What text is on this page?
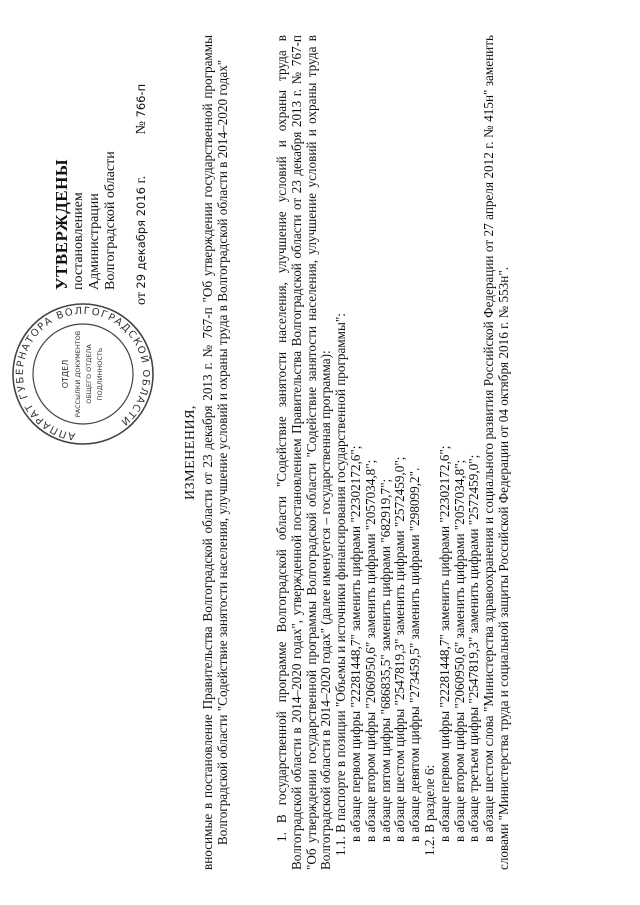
АППАРАТ ГУБЕРНАТОРА ВОЛГОГРАДСКОЙ ОБЛАСТИ
ОТДЕЛ РАССЫЛКИ ДОКУМЕНТОВ ОБЩЕГО ОТДЕЛА ПОДЛИННОСТЬ
УТВЕРЖДЕНЫ постановлением Администрации Волгоградской области
от 29 декабря 2016 г. № 766-п
ИЗМЕНЕНИЯ, вносимые в постановление Правительства Волгоградской области от 23 декабря 2013 г. № 767-п "Об утверждении государственной программы Волгоградской области "Содействие занятости населения, улучшение условий и охраны труда в Волгоградской области в 2014–2020 годах"	1. В государственной программе Волгоградской области "Содействие занятости населения, улучшение условий и охраны труда в Волгоградской области в 2014–2020 годах", утвержденной постановлением Правительства Волгоградской области от 23 декабря 2013 г. № 767-п "Об утверждении государственной программы Волгоградской области "Содействие занятости населения, улучшение условий и охраны труда в Волгоградской области в 2014–2020 годах" (далее именуется – государственная программа): 1.1. В паспорте в позиции "Объемы и источники финансирования государственной программы": в абзаце первом цифры "22281448,7" заменить цифрами "22302172,6"; в абзаце втором цифры "2060950,6" заменить цифрами "2057034,8"; в абзаце пятом цифры "686835,5" заменить цифрами "682919,7"; в абзаце шестом цифры "2547819,3" заменить цифрами "2572459,0"; в абзаце девятом цифры "273459,5" заменить цифрами "298099,2". 1.2. В разделе 6: в абзаце первом цифры "22281448,7" заменить цифрами "22302172,6"; в абзаце втором цифры "2060950,6" заменить цифрами "2057034,8"; в абзаце третьем цифры "2547819,3" заменить цифрами "2572459,0"; в абзаце шестом слова "Министерства здравоохранения и социального развития Российской Федерации от 27 апреля 2012 г. № 415н" заменить словами "Министерства труда и социальной защиты Российской Федерации от 04 октября 2016 г. № 553н".
